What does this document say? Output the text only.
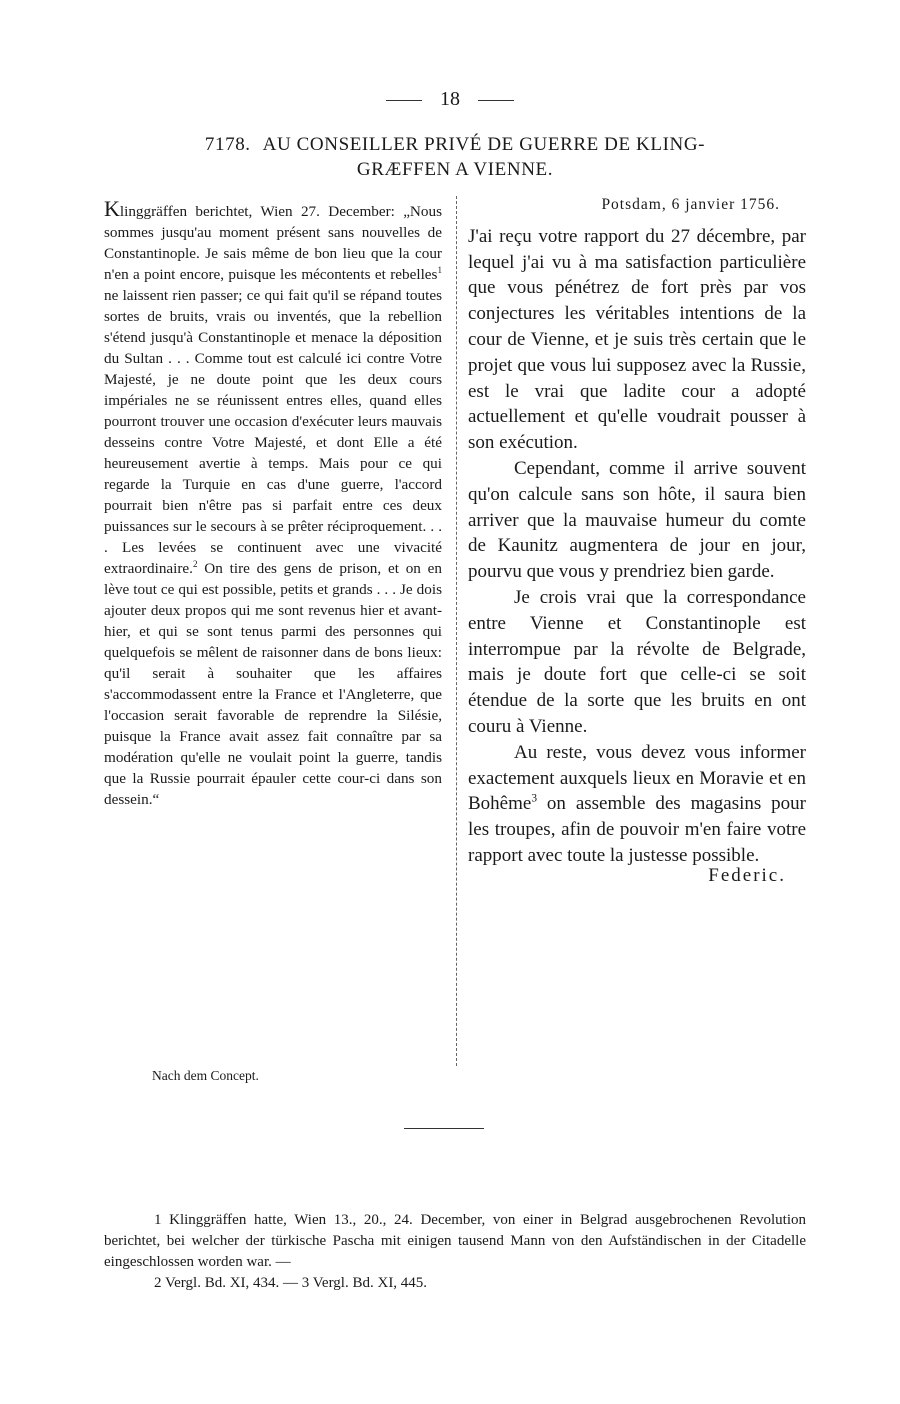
18
7178. AU CONSEILLER PRIVÉ DE GUERRE DE KLING-
GRÆFFEN A VIENNE.
Klinggräffen berichtet, Wien 27. December: „Nous sommes jusqu'au moment présent sans nouvelles de Constantinople. Je sais même de bon lieu que la cour n'en a point encore, puisque les mécontents et rebelles$^1$ ne laissent rien passer; ce qui fait qu'il se répand toutes sortes de bruits, vrais ou inventés, que la rebellion s'étend jusqu'à Constantinople et menace la déposition du Sultan . . . Comme tout est calculé ici contre Votre Majesté, je ne doute point que les deux cours impériales ne se réunissent entres elles, quand elles pourront trouver une occasion d'exécuter leurs mauvais desseins contre Votre Majesté, et dont Elle a été heureusement avertie à temps. Mais pour ce qui regarde la Turquie en cas d'une guerre, l'accord pourrait bien n'être pas si parfait entre ces deux puissances sur le secours à se prêter réciproquement. . . . Les levées se continuent avec une vivacité extraordinaire.$^2$ On tire des gens de prison, et on en lève tout ce qui est possible, petits et grands . . . Je dois ajouter deux propos qui me sont revenus hier et avant-hier, et qui se sont tenus parmi des personnes qui quelquefois se mêlent de raisonner dans de bons lieux: qu'il serait à souhaiter que les affaires s'accommodassent entre la France et l'Angleterre, que l'occasion serait favorable de reprendre la Silésie, puisque la France avait assez fait connaître par sa modération qu'elle ne voulait point la guerre, tandis que la Russie pourrait épauler cette cour-ci dans son dessein.“
Potsdam, 6 janvier 1756.

J'ai reçu votre rapport du 27 décembre, par lequel j'ai vu à ma satisfaction particulière que vous pénétrez de fort près par vos conjectures les véritables intentions de la cour de Vienne, et je suis très certain que le projet que vous lui supposez avec la Russie, est le vrai que ladite cour a adopté actuellement et qu'elle voudrait pousser à son exécution.

Cependant, comme il arrive souvent qu'on calcule sans son hôte, il saura bien arriver que la mauvaise humeur du comte de Kaunitz augmentera de jour en jour, pourvu que vous y prendriez bien garde.

Je crois vrai que la correspondance entre Vienne et Constantinople est interrompue par la révolte de Belgrade, mais je doute fort que celle-ci se soit étendue de la sorte que les bruits en ont couru à Vienne.

Au reste, vous devez vous informer exactement auxquels lieux en Moravie et en Bohême$^3$ on assemble des magasins pour les troupes, afin de pouvoir m'en faire votre rapport avec toute la justesse possible.

Federic.
Nach dem Concept.

1 Klinggräffen hatte, Wien 13., 20., 24. December, von einer in Belgrad ausgebrochenen Revolution berichtet, bei welcher der türkische Pascha mit einigen tausend Mann von den Aufständischen in der Citadelle eingeschlossen worden war. —

2 Vergl. Bd. XI, 434. — 3 Vergl. Bd. XI, 445.
